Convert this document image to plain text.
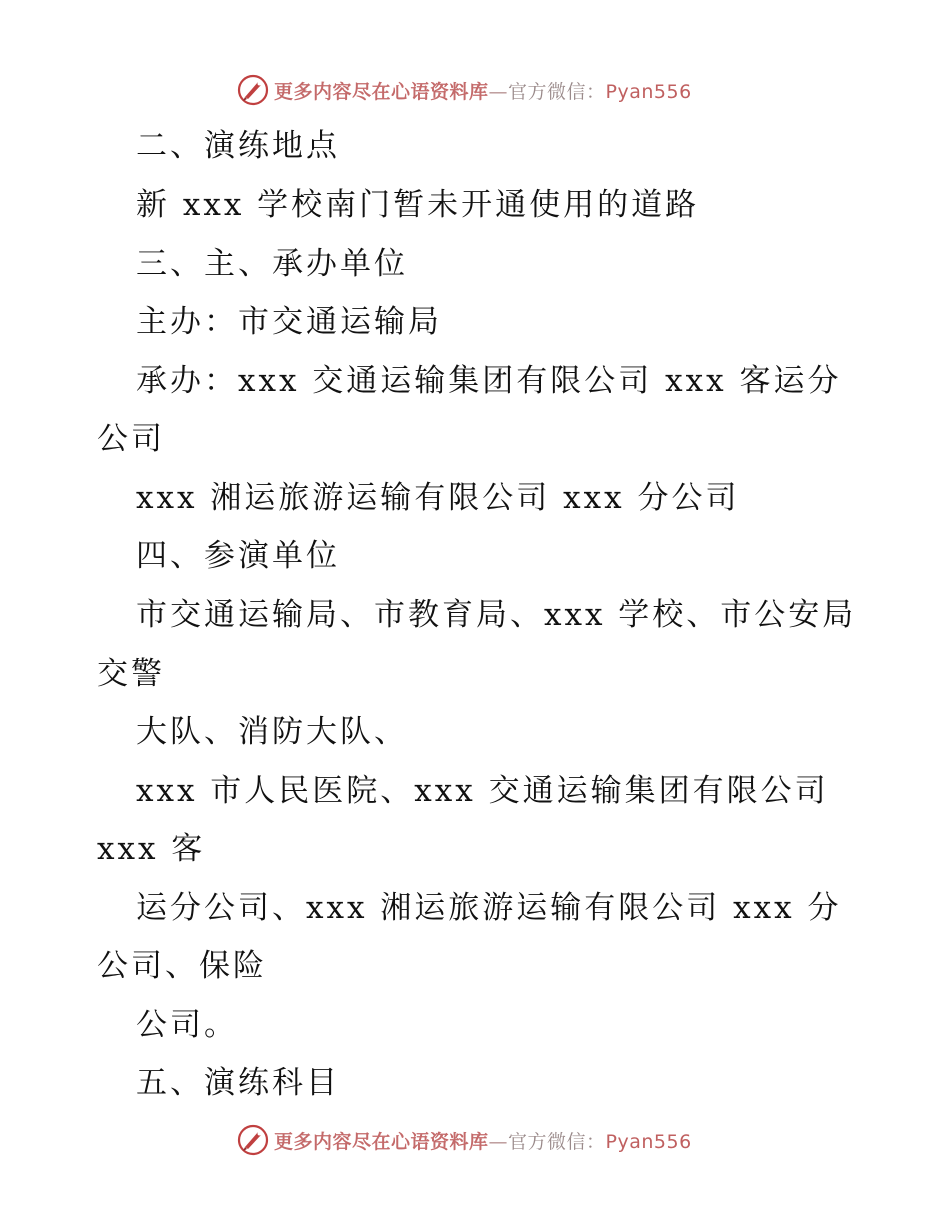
更多内容尽在心语资料库—官方微信：Pyan556
二、演练地点
新 xxx 学校南门暂未开通使用的道路
三、主、承办单位
主办：市交通运输局
承办：xxx 交通运输集团有限公司 xxx 客运分
公司
xxx 湘运旅游运输有限公司 xxx 分公司
四、参演单位
市交通运输局、市教育局、xxx 学校、市公安局
交警
大队、消防大队、
xxx 市人民医院、xxx 交通运输集团有限公司
xxx 客
运分公司、xxx 湘运旅游运输有限公司 xxx 分
公司、保险
公司。
五、演练科目
更多内容尽在心语资料库—官方微信：Pyan556
